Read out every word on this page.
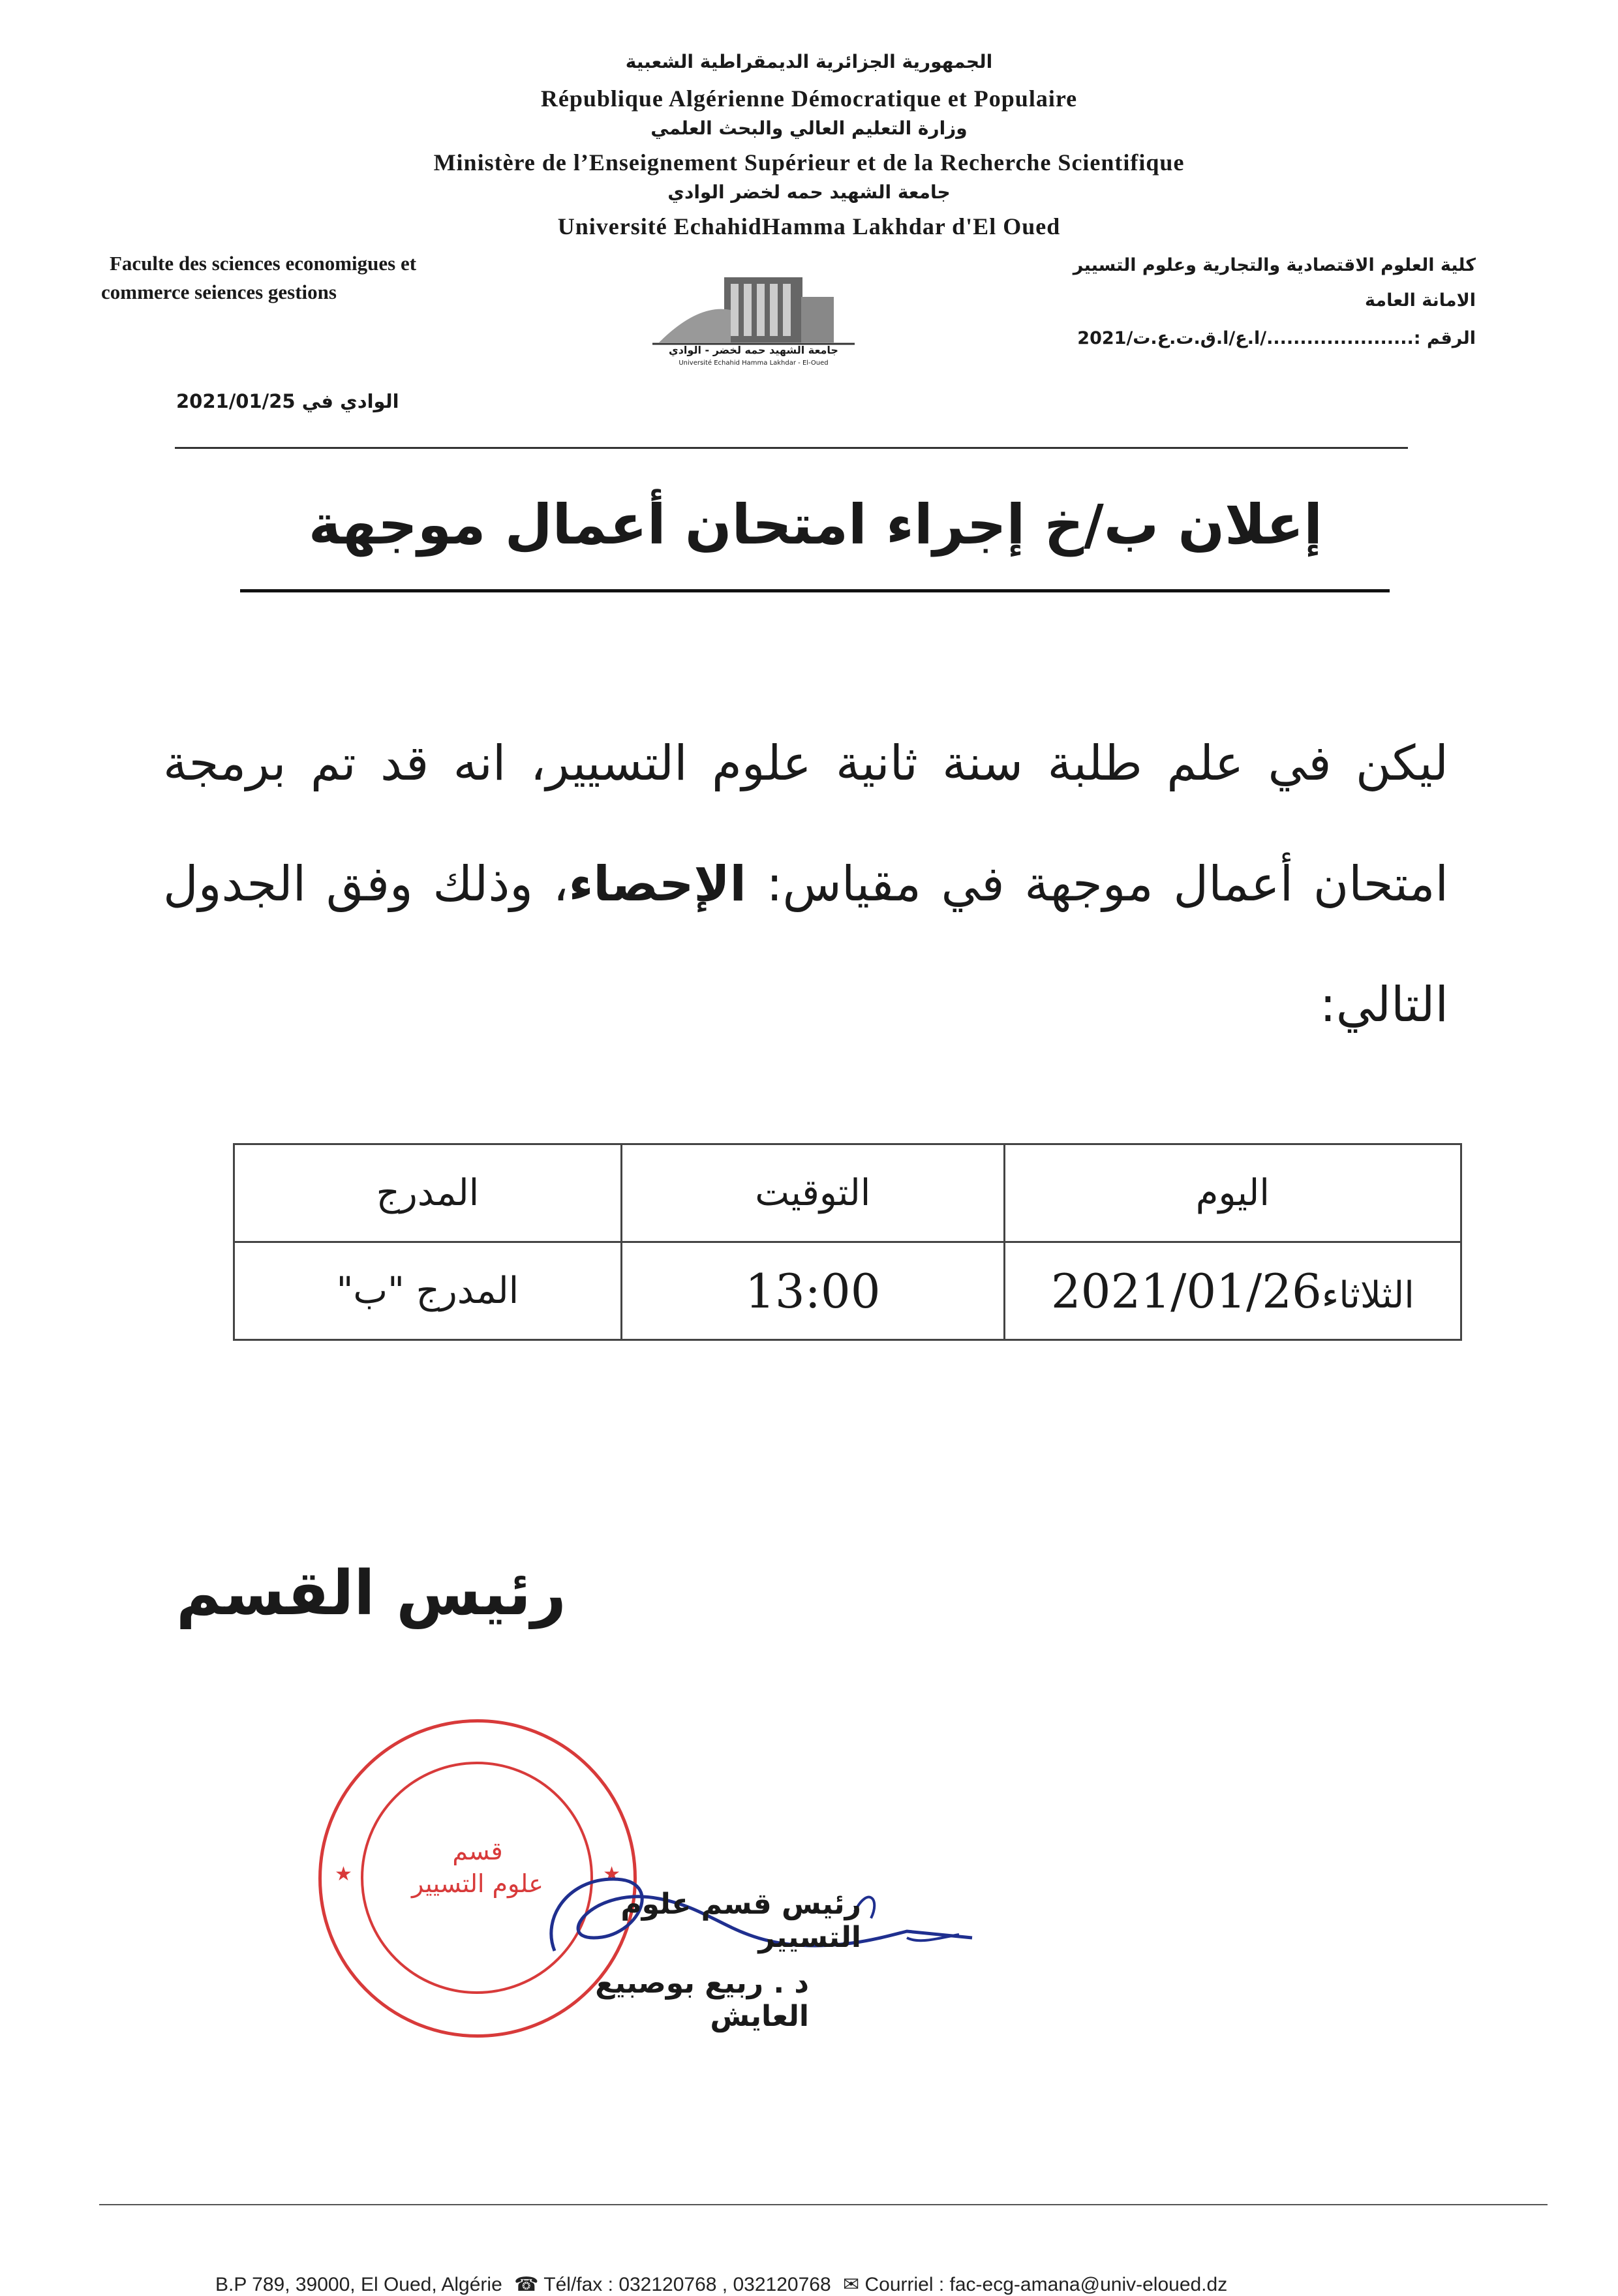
الجمهورية الجزائرية الديمقراطية الشعبية
République Algérienne Démocratique et Populaire
وزارة التعليم العالي والبحث العلمي
Ministère de l’Enseignement Supérieur et de la Recherche Scientifique
جامعة الشهيد حمه لخضر الوادي
Université EchahidHamma Lakhdar d'El Oued
Faculte des sciences economigues et
commerce seiences gestions
كلية العلوم الاقتصادية والتجارية وعلوم التسيير
الامانة العامة
الرقم :....................../ا.ع/ا.ق.ت.ع.ت/2021
جامعة الشهيد حمه لخضر - الوادي
Université Echahid Hamma Lakhdar - El-Oued
الوادي في 2021/01/25
إعلان ب/خ إجراء امتحان أعمال موجهة
ليكن في علم طلبة سنة ثانية علوم التسيير، انه قد تم برمجة امتحان أعمال موجهة في مقياس: الإحصاء، وذلك وفق الجدول التالي:
اليوم	التوقيت	المدرج
الثلاثاء2021/01/26	13:00	المدرج "ب"
رئيس القسم
قسم
علوم التسيير
★	★
رئيس قسم علوم التسيير
د . ربيع بوصبيع العايش
B.P 789, 39000, El Oued, Algérie ☎ Tél/fax : 032120768 , 032120768 ✉ Courriel : fac-ecg-amana@univ-eloued.dz
